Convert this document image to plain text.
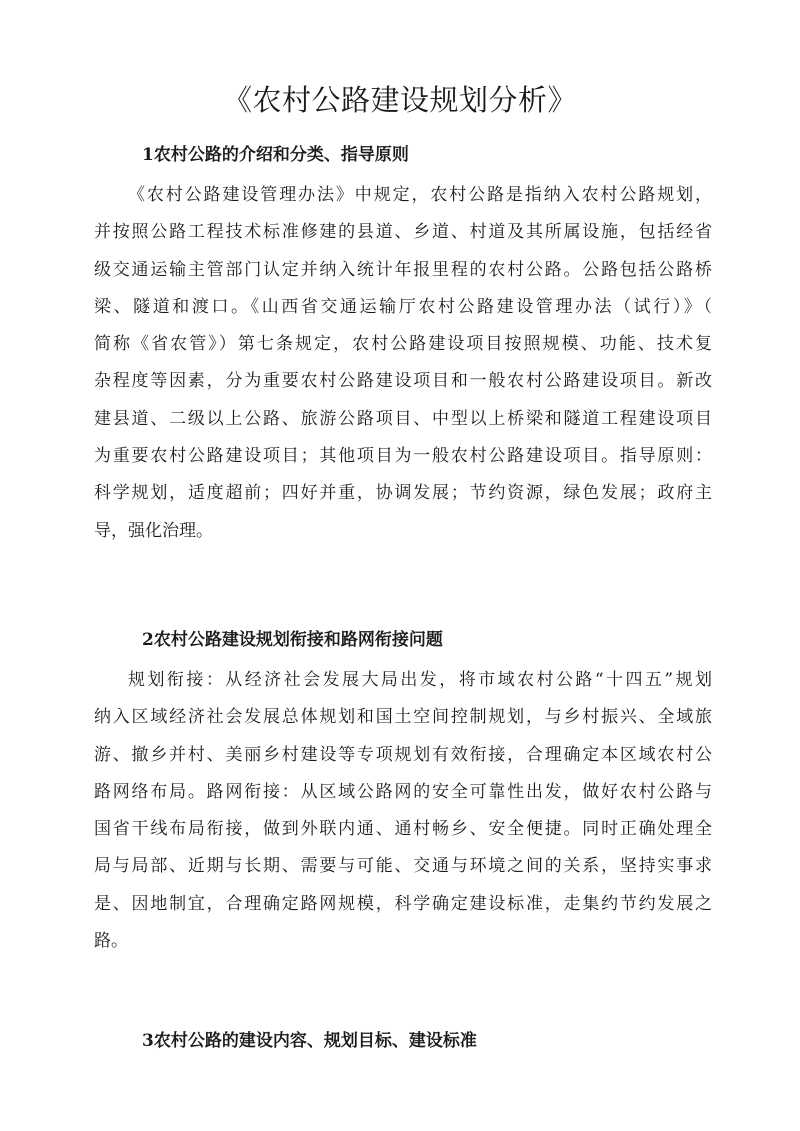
《农村公路建设规划分析》
1农村公路的介绍和分类、指导原则
《农村公路建设管理办法》中规定，农村公路是指纳入农村公路规划，
并按照公路工程技术标准修建的县道、乡道、村道及其所属设施，包括经省
级交通运输主管部门认定并纳入统计年报里程的农村公路。公路包括公路桥
梁、隧道和渡口。《山西省交通运输厅农村公路建设管理办法（试行）》（
简称《省农管》）第七条规定，农村公路建设项目按照规模、功能、技术复
杂程度等因素，分为重要农村公路建设项目和一般农村公路建设项目。新改
建县道、二级以上公路、旅游公路项目、中型以上桥梁和隧道工程建设项目
为重要农村公路建设项目；其他项目为一般农村公路建设项目。指导原则：
科学规划，适度超前；四好并重，协调发展；节约资源，绿色发展；政府主
导，强化治理。
2农村公路建设规划衔接和路网衔接问题
规划衔接：从经济社会发展大局出发，将市域农村公路“十四五”规划
纳入区域经济社会发展总体规划和国土空间控制规划，与乡村振兴、全域旅
游、撤乡并村、美丽乡村建设等专项规划有效衔接，合理确定本区域农村公
路网络布局。路网衔接：从区域公路网的安全可靠性出发，做好农村公路与
国省干线布局衔接，做到外联内通、通村畅乡、安全便捷。同时正确处理全
局与局部、近期与长期、需要与可能、交通与环境之间的关系，坚持实事求
是、因地制宜，合理确定路网规模，科学确定建设标准，走集约节约发展之
路。
3农村公路的建设内容、规划目标、建设标准
